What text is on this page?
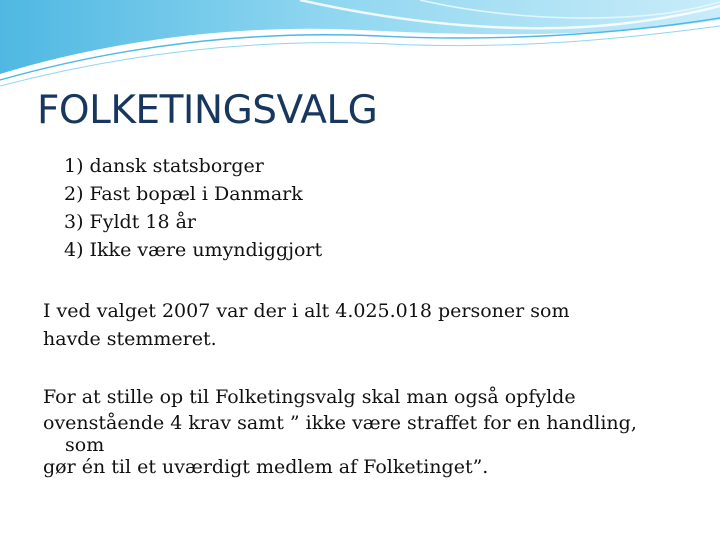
FOLKETINGSVALG
1) dansk statsborger
2) Fast bopæl i Danmark
3) Fyldt 18 år
4) Ikke være umyndiggjort

I ved valget 2007 var der i alt 4.025.018 personer som
havde stemmeret.

For at stille op til Folketingsvalg skal man også opfylde
ovenstående 4 krav samt ” ikke være straffet for en handling,
som
gør én til et uværdigt medlem af Folketinget”.
